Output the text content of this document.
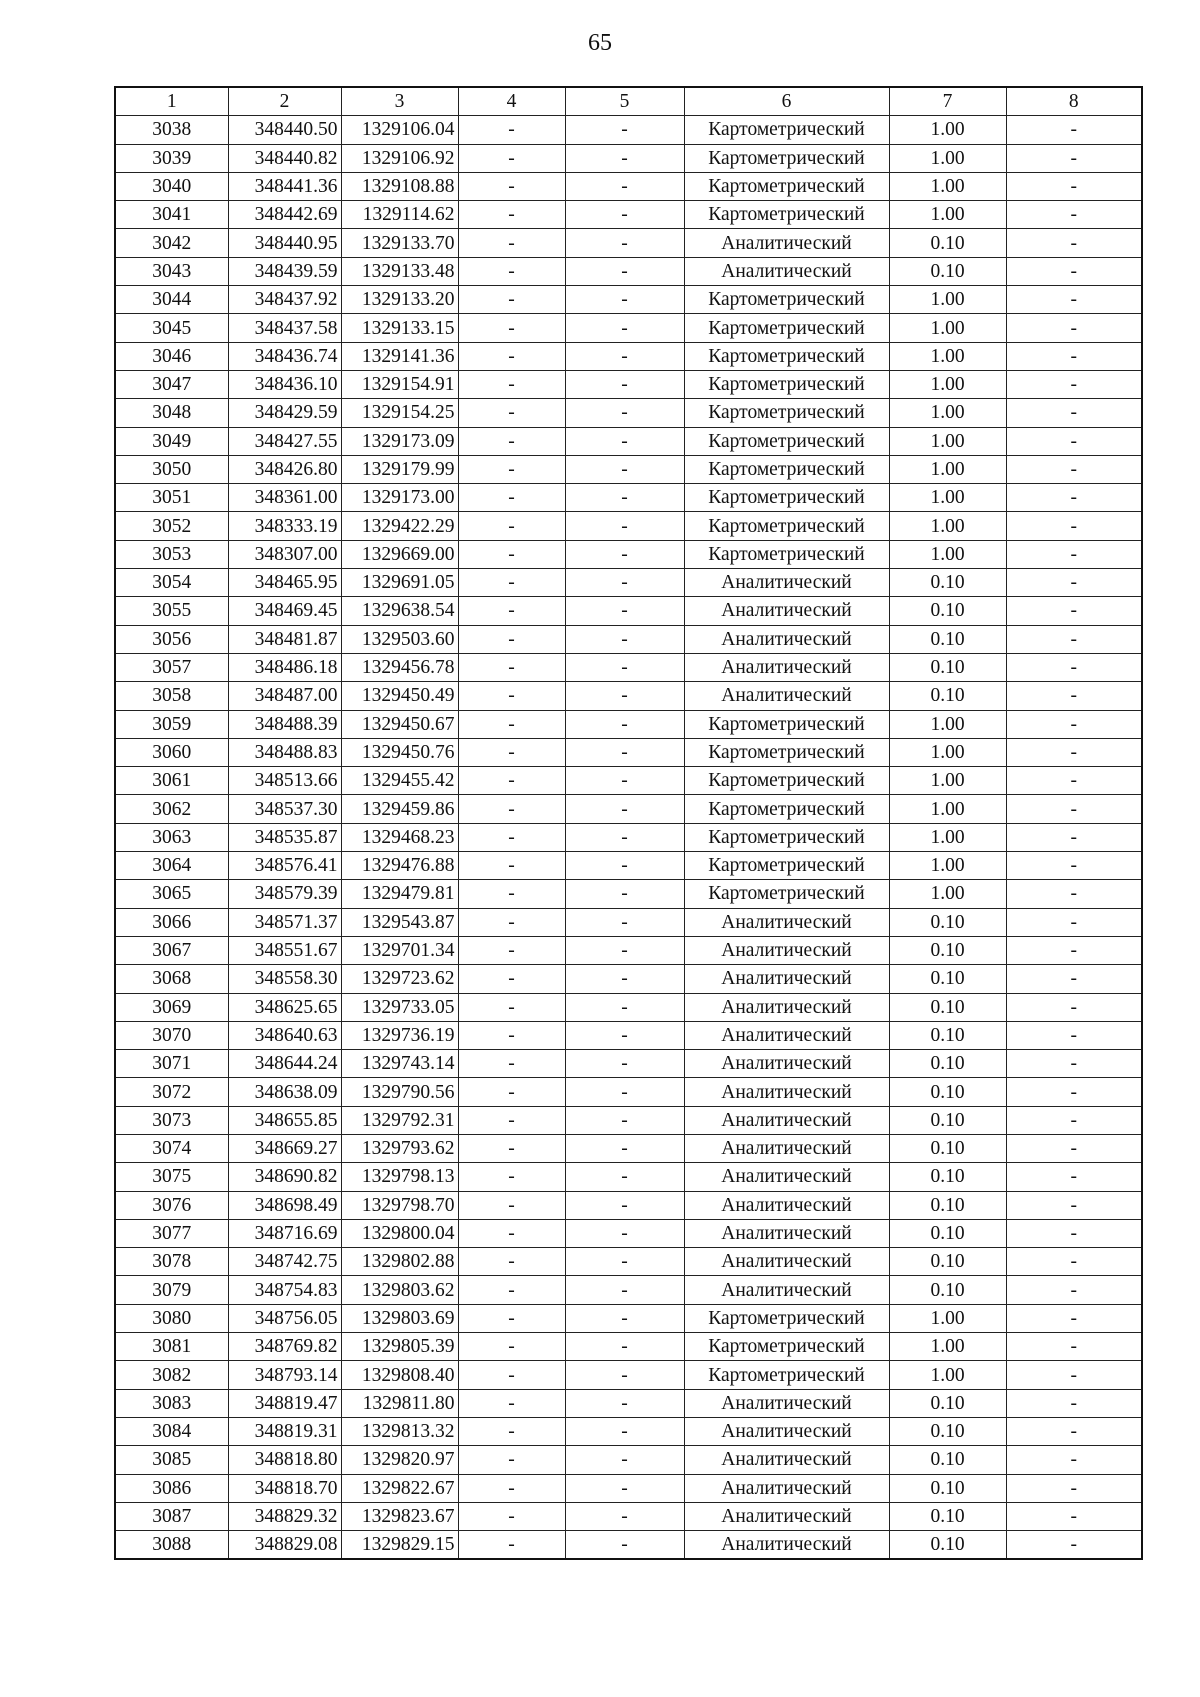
65
1	2	3	4	5	6	7	8
3038	348440.50	1329106.04	-	-	Картометрический	1.00	-
3039	348440.82	1329106.92	-	-	Картометрический	1.00	-
3040	348441.36	1329108.88	-	-	Картометрический	1.00	-
3041	348442.69	1329114.62	-	-	Картометрический	1.00	-
3042	348440.95	1329133.70	-	-	Аналитический	0.10	-
3043	348439.59	1329133.48	-	-	Аналитический	0.10	-
3044	348437.92	1329133.20	-	-	Картометрический	1.00	-
3045	348437.58	1329133.15	-	-	Картометрический	1.00	-
3046	348436.74	1329141.36	-	-	Картометрический	1.00	-
3047	348436.10	1329154.91	-	-	Картометрический	1.00	-
3048	348429.59	1329154.25	-	-	Картометрический	1.00	-
3049	348427.55	1329173.09	-	-	Картометрический	1.00	-
3050	348426.80	1329179.99	-	-	Картометрический	1.00	-
3051	348361.00	1329173.00	-	-	Картометрический	1.00	-
3052	348333.19	1329422.29	-	-	Картометрический	1.00	-
3053	348307.00	1329669.00	-	-	Картометрический	1.00	-
3054	348465.95	1329691.05	-	-	Аналитический	0.10	-
3055	348469.45	1329638.54	-	-	Аналитический	0.10	-
3056	348481.87	1329503.60	-	-	Аналитический	0.10	-
3057	348486.18	1329456.78	-	-	Аналитический	0.10	-
3058	348487.00	1329450.49	-	-	Аналитический	0.10	-
3059	348488.39	1329450.67	-	-	Картометрический	1.00	-
3060	348488.83	1329450.76	-	-	Картометрический	1.00	-
3061	348513.66	1329455.42	-	-	Картометрический	1.00	-
3062	348537.30	1329459.86	-	-	Картометрический	1.00	-
3063	348535.87	1329468.23	-	-	Картометрический	1.00	-
3064	348576.41	1329476.88	-	-	Картометрический	1.00	-
3065	348579.39	1329479.81	-	-	Картометрический	1.00	-
3066	348571.37	1329543.87	-	-	Аналитический	0.10	-
3067	348551.67	1329701.34	-	-	Аналитический	0.10	-
3068	348558.30	1329723.62	-	-	Аналитический	0.10	-
3069	348625.65	1329733.05	-	-	Аналитический	0.10	-
3070	348640.63	1329736.19	-	-	Аналитический	0.10	-
3071	348644.24	1329743.14	-	-	Аналитический	0.10	-
3072	348638.09	1329790.56	-	-	Аналитический	0.10	-
3073	348655.85	1329792.31	-	-	Аналитический	0.10	-
3074	348669.27	1329793.62	-	-	Аналитический	0.10	-
3075	348690.82	1329798.13	-	-	Аналитический	0.10	-
3076	348698.49	1329798.70	-	-	Аналитический	0.10	-
3077	348716.69	1329800.04	-	-	Аналитический	0.10	-
3078	348742.75	1329802.88	-	-	Аналитический	0.10	-
3079	348754.83	1329803.62	-	-	Аналитический	0.10	-
3080	348756.05	1329803.69	-	-	Картометрический	1.00	-
3081	348769.82	1329805.39	-	-	Картометрический	1.00	-
3082	348793.14	1329808.40	-	-	Картометрический	1.00	-
3083	348819.47	1329811.80	-	-	Аналитический	0.10	-
3084	348819.31	1329813.32	-	-	Аналитический	0.10	-
3085	348818.80	1329820.97	-	-	Аналитический	0.10	-
3086	348818.70	1329822.67	-	-	Аналитический	0.10	-
3087	348829.32	1329823.67	-	-	Аналитический	0.10	-
3088	348829.08	1329829.15	-	-	Аналитический	0.10	-
